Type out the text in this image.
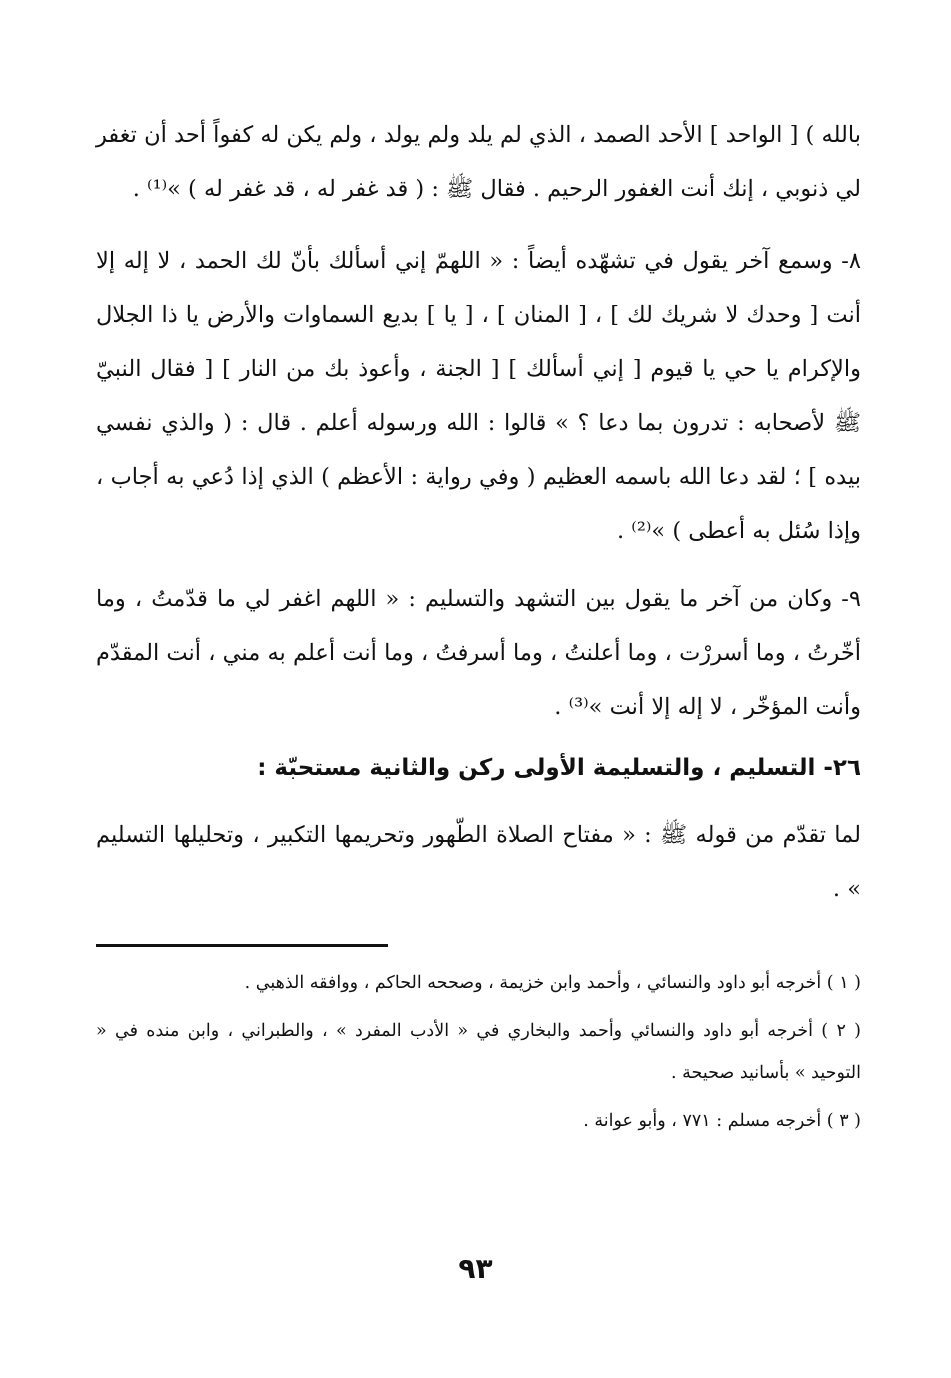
بالله ) [ الواحد ] الأحد الصمد ، الذي لم يلد ولم يولد ، ولم يكن له كفواً أحد أن تغفر لي ذنوبي ، إنك أنت الغفور الرحيم . فقال ﷺ : ( قد غفر له ، قد غفر له ) »⁽¹⁾ .

٨- وسمع آخر يقول في تشهّده أيضاً : « اللهمّ إني أسألك بأنّ لك الحمد ، لا إله إلا أنت [ وحدك لا شريك لك ] ، [ المنان ] ، [ يا ] بديع السماوات والأرض يا ذا الجلال والإكرام يا حي يا قيوم [ إني أسألك ] [ الجنة ، وأعوذ بك من النار ] [ فقال النبيّ ﷺ لأصحابه : تدرون بما دعا ؟ » قالوا : الله ورسوله أعلم . قال : ( والذي نفسي بيده ] ؛ لقد دعا الله باسمه العظيم ( وفي رواية : الأعظم ) الذي إذا دُعي به أجاب ، وإذا سُئل به أعطى ) »⁽²⁾ .

٩- وكان من آخر ما يقول بين التشهد والتسليم : « اللهم اغفر لي ما قدّمتُ ، وما أخّرتُ ، وما أسررْت ، وما أعلنتُ ، وما أسرفتُ ، وما أنت أعلم به مني ، أنت المقدّم وأنت المؤخّر ، لا إله إلا أنت »⁽³⁾ .

٢٦- التسليم ، والتسليمة الأولى ركن والثانية مستحبّة :

لما تقدّم من قوله ﷺ : « مفتاح الصلاة الطّهور وتحريمها التكبير ، وتحليلها التسليم » .

( ١ ) أخرجه أبو داود والنسائي ، وأحمد وابن خزيمة ، وصححه الحاكم ، ووافقه الذهبي .

( ٢ ) أخرجه أبو داود والنسائي وأحمد والبخاري في « الأدب المفرد » ، والطبراني ، وابن منده في « التوحيد » بأسانيد صحيحة .

( ٣ ) أخرجه مسلم : ٧٧١ ، وأبو عوانة .

٩٣
